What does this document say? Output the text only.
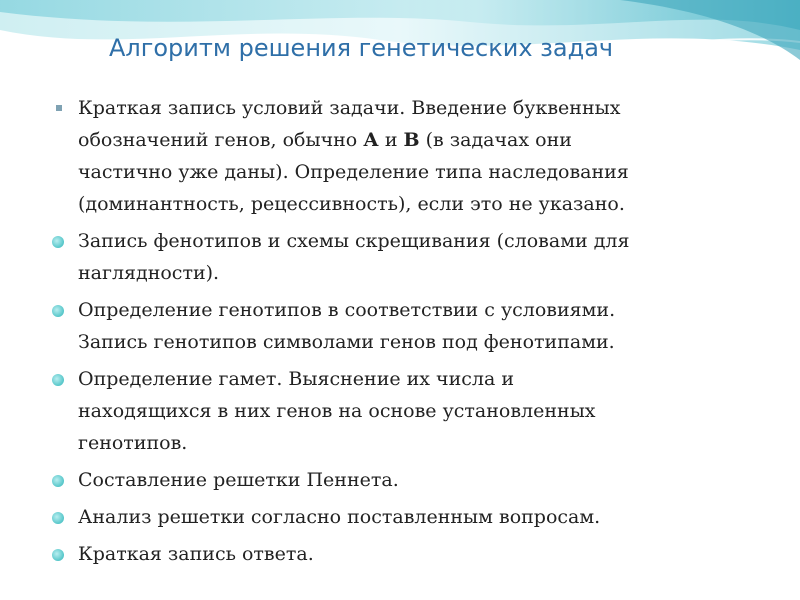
Алгоритм решения генетических задач
Краткая запись условий задачи. Введение буквенных
обозначений генов, обычно А и В (в задачах они
частично уже даны). Определение типа наследования
(доминантность, рецессивность), если это не указано.
Запись фенотипов и схемы скрещивания (словами для
наглядности).
Определение генотипов в соответствии с условиями.
Запись генотипов символами генов под фенотипами.
Определение гамет. Выяснение их числа и
находящихся в них генов на основе установленных
генотипов.
Составление решетки Пеннета.
Анализ решетки согласно поставленным вопросам.
Краткая запись ответа.
